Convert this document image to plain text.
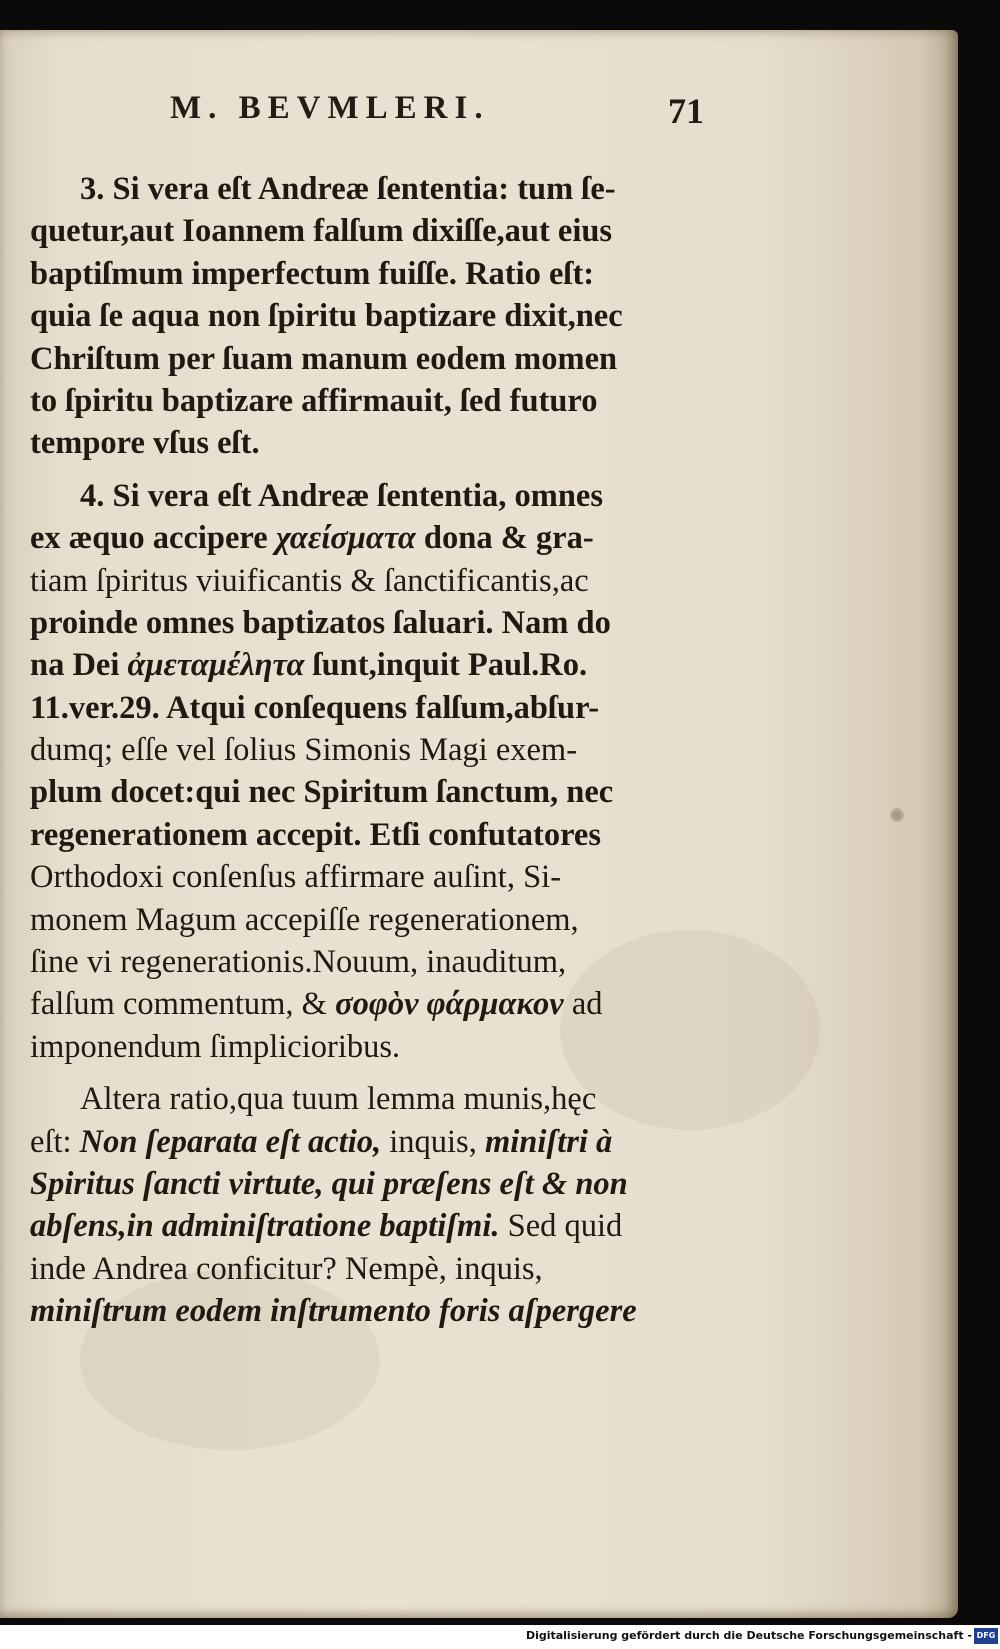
M. BEVMLERI.	71
3. Si vera eſt Andreæ ſententia: tum ſe-
quetur,aut Ioannem falſum dixiſſe,aut eius
baptiſmum imperfectum fuiſſe. Ratio eſt:
quia ſe aqua non ſpiritu baptizare dixit,nec
Chriſtum per ſuam manum eodem momen
to ſpiritu baptizare affirmauit, ſed futuro
tempore vſus eſt.
4. Si vera eſt Andreæ ſententia, omnes
ex æquo accipere χαείσματα dona & gra-
tiam ſpiritus viuificantis & ſanctificantis,ac
proinde omnes baptizatos ſaluari. Nam do
na Dei ἀμεταμέλητα ſunt,inquit Paul.Ro.
11.ver.29. Atqui conſequens falſum,abſur-
dumq; eſſe vel ſolius Simonis Magi exem-
plum docet:qui nec Spiritum ſanctum, nec
regenerationem accepit. Etſi confutatores
Orthodoxi conſenſus affirmare auſint, Si-
monem Magum accepiſſe regenerationem,
ſine vi regenerationis.Nouum, inauditum,
falſum commentum, & σοφὸν φάρμακον ad
imponendum ſimplicioribus.
Altera ratio,qua tuum lemma munis,hęc
eſt: Non ſeparata eſt actio, inquis, miniſtri à
Spiritus ſancti virtute, qui præſens eſt & non
abſens,in adminiſtratione baptiſmi. Sed quid
inde Andrea conficitur? Nempè, inquis,
miniſtrum eodem inſtrumento foris aſpergere
Digitalisierung gefördert durch die Deutsche Forschungsgemeinschaft - DFG
